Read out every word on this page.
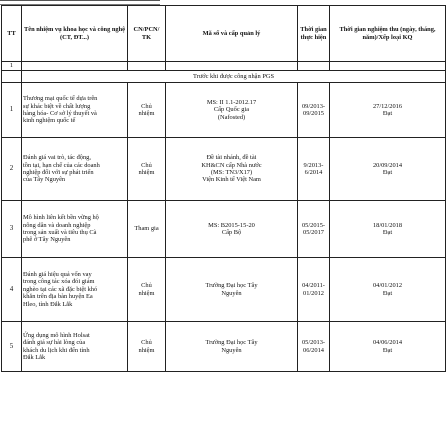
TT	Tên nhiệm vụ khoa học và công nghệ (CT, ĐT...)	CN/PCN/ TK	Mã số và cấp quản lý	Thời gian thực hiện	Thời gian nghiệm thu (ngày, tháng, năm)/Xếp loại KQ
1					
	Trước khi được công nhận PGS				
1	Thương mại quốc tế dựa trên
sự khác biệt về chất lượng
hàng hóa- Cơ sở lý thuyết và
kinh nghiệm quốc tế	Chủ
nhiệm	MS: II 1.1-2012.17
Cấp Quốc gia
(Nafosted)	09/2013-
09/2015	27/12/2016
Đạt

2	Đánh giá vai trò, tác động,
tồn tại, hạn chế của các doanh
nghiệp đối với sự phát triển
của Tây Nguyên	Chủ
nhiệm	Đề tài nhánh, đề tài
KH&CN cấp Nhà nước
(MS: TN3/X17)
Viện Kinh tế Việt Nam	9/2013-
6/2014	20/09/2014
Đạt

3	Mô hình liên kết bền vững hộ
nông dân và doanh nghiệp
trong sản xuất và tiêu thụ Cà
phê ở Tây Nguyên	Tham gia	MS: B2015-15-20
Cấp Bộ	05/2015-
05/2017	18/01/2018
Đạt

4	Đánh giá hiệu quả vốn vay
trong công tác xóa đói giảm
nghèo tại các xã đặc biệt khó
khăn trên địa bàn huyện Ea
Hleo, tỉnh Đắk Lắk	Chủ
nhiệm	Trường Đại học Tây
Nguyên	04/2011-
01/2012	04/01/2012
Đạt

5	Ứng dụng mô hình Holsat
đánh giá sự hài lòng của
khách du lịch khi đến tỉnh
Đắk Lắk	Chủ
nhiệm	Trường Đại học Tây
Nguyên	05/2013-
06/2014	04/06/2014
Đạt
